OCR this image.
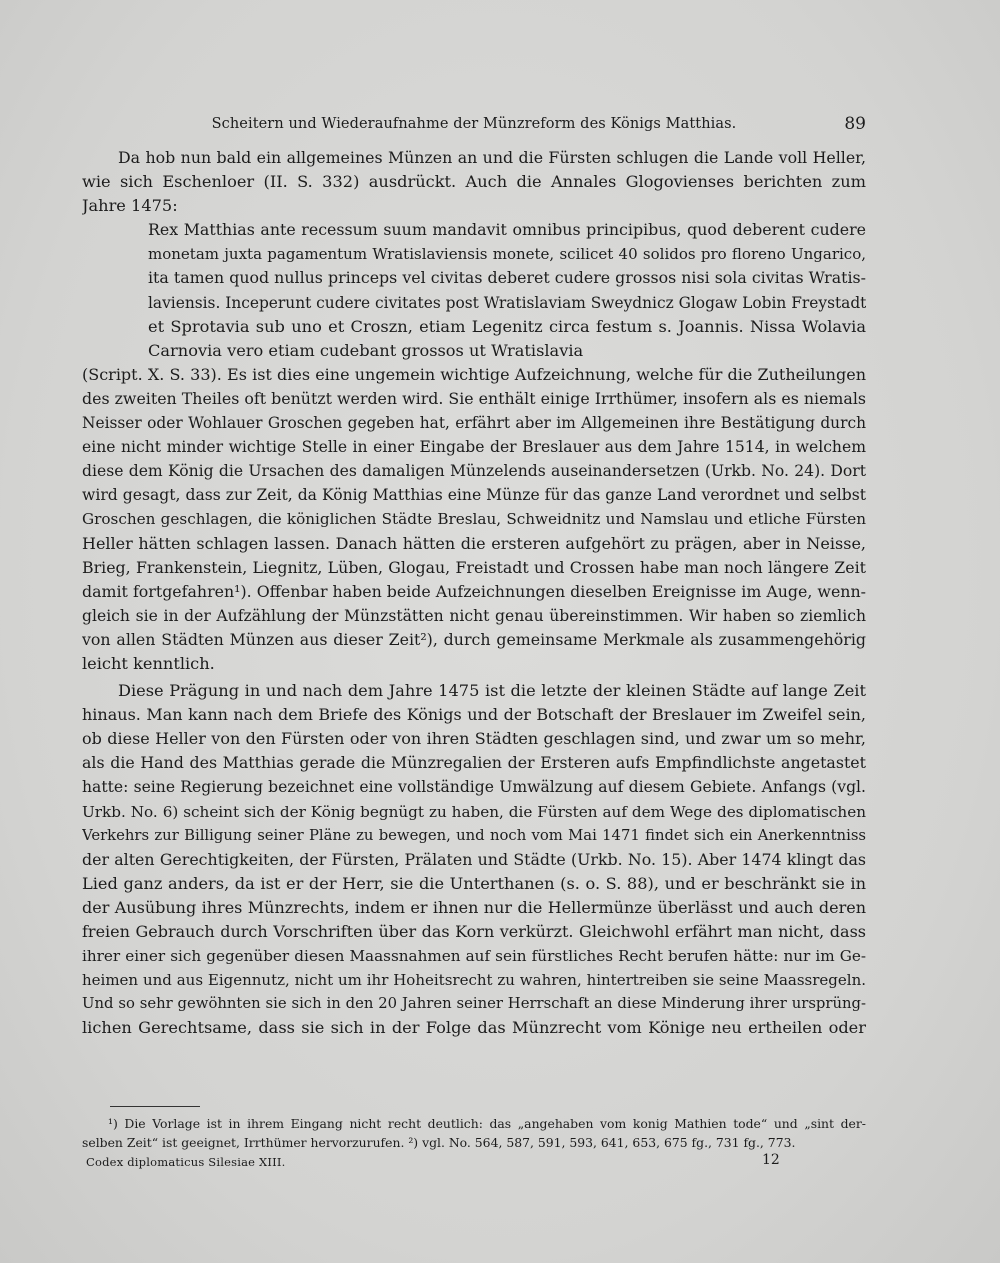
Scheitern und Wiederaufnahme der Münzreform des Königs Matthias.	89
Da hob nun bald ein allgemeines Münzen an und die Fürsten schlugen die Lande voll Heller,
wie sich Eschenloer (II. S. 332) ausdrückt. Auch die Annales Glogovienses berichten zum
Jahre 1475:
Rex Matthias ante recessum suum mandavit omnibus principibus, quod deberent cudere
monetam juxta pagamentum Wratislaviensis monete, scilicet 40 solidos pro floreno Ungarico,
ita tamen quod nullus princeps vel civitas deberet cudere grossos nisi sola civitas Wratis-
laviensis. Inceperunt cudere civitates post Wratislaviam Sweydnicz Glogaw Lobin Freystadt
et Sprotavia sub uno et Croszn, etiam Legenitz circa festum s. Joannis. Nissa Wolavia
Carnovia vero etiam cudebant grossos ut Wratislavia
(Script. X. S. 33). Es ist dies eine ungemein wichtige Aufzeichnung, welche für die Zutheilungen
des zweiten Theiles oft benützt werden wird. Sie enthält einige Irrthümer, insofern als es niemals
Neisser oder Wohlauer Groschen gegeben hat, erfährt aber im Allgemeinen ihre Bestätigung durch
eine nicht minder wichtige Stelle in einer Eingabe der Breslauer aus dem Jahre 1514, in welchem
diese dem König die Ursachen des damaligen Münzelends auseinandersetzen (Urkb. No. 24). Dort
wird gesagt, dass zur Zeit, da König Matthias eine Münze für das ganze Land verordnet und selbst
Groschen geschlagen, die königlichen Städte Breslau, Schweidnitz und Namslau und etliche Fürsten
Heller hätten schlagen lassen. Danach hätten die ersteren aufgehört zu prägen, aber in Neisse,
Brieg, Frankenstein, Liegnitz, Lüben, Glogau, Freistadt und Crossen habe man noch längere Zeit
damit fortgefahren¹). Offenbar haben beide Aufzeichnungen dieselben Ereignisse im Auge, wenn-
gleich sie in der Aufzählung der Münzstätten nicht genau übereinstimmen. Wir haben so ziemlich
von allen Städten Münzen aus dieser Zeit²), durch gemeinsame Merkmale als zusammengehörig
leicht kenntlich.
Diese Prägung in und nach dem Jahre 1475 ist die letzte der kleinen Städte auf lange Zeit
hinaus. Man kann nach dem Briefe des Königs und der Botschaft der Breslauer im Zweifel sein,
ob diese Heller von den Fürsten oder von ihren Städten geschlagen sind, und zwar um so mehr,
als die Hand des Matthias gerade die Münzregalien der Ersteren aufs Empfindlichste angetastet
hatte: seine Regierung bezeichnet eine vollständige Umwälzung auf diesem Gebiete. Anfangs (vgl.
Urkb. No. 6) scheint sich der König begnügt zu haben, die Fürsten auf dem Wege des diplomatischen
Verkehrs zur Billigung seiner Pläne zu bewegen, und noch vom Mai 1471 findet sich ein Anerkenntniss
der alten Gerechtigkeiten, der Fürsten, Prälaten und Städte (Urkb. No. 15). Aber 1474 klingt das
Lied ganz anders, da ist er der Herr, sie die Unterthanen (s. o. S. 88), und er beschränkt sie in
der Ausübung ihres Münzrechts, indem er ihnen nur die Hellermünze überlässt und auch deren
freien Gebrauch durch Vorschriften über das Korn verkürzt. Gleichwohl erfährt man nicht, dass
ihrer einer sich gegenüber diesen Maassnahmen auf sein fürstliches Recht berufen hätte: nur im Ge-
heimen und aus Eigennutz, nicht um ihr Hoheitsrecht zu wahren, hintertreiben sie seine Maassregeln.
Und so sehr gewöhnten sie sich in den 20 Jahren seiner Herrschaft an diese Minderung ihrer ursprüng-
lichen Gerechtsame, dass sie sich in der Folge das Münzrecht vom Könige neu ertheilen oder
¹) Die Vorlage ist in ihrem Eingang nicht recht deutlich: das „angehaben vom konig Mathien tode“ und „sint der-
selben Zeit“ ist geeignet, Irrthümer hervorzurufen. ²) vgl. No. 564, 587, 591, 593, 641, 653, 675 fg., 731 fg., 773.
Codex diplomaticus Silesiae XIII.	12
